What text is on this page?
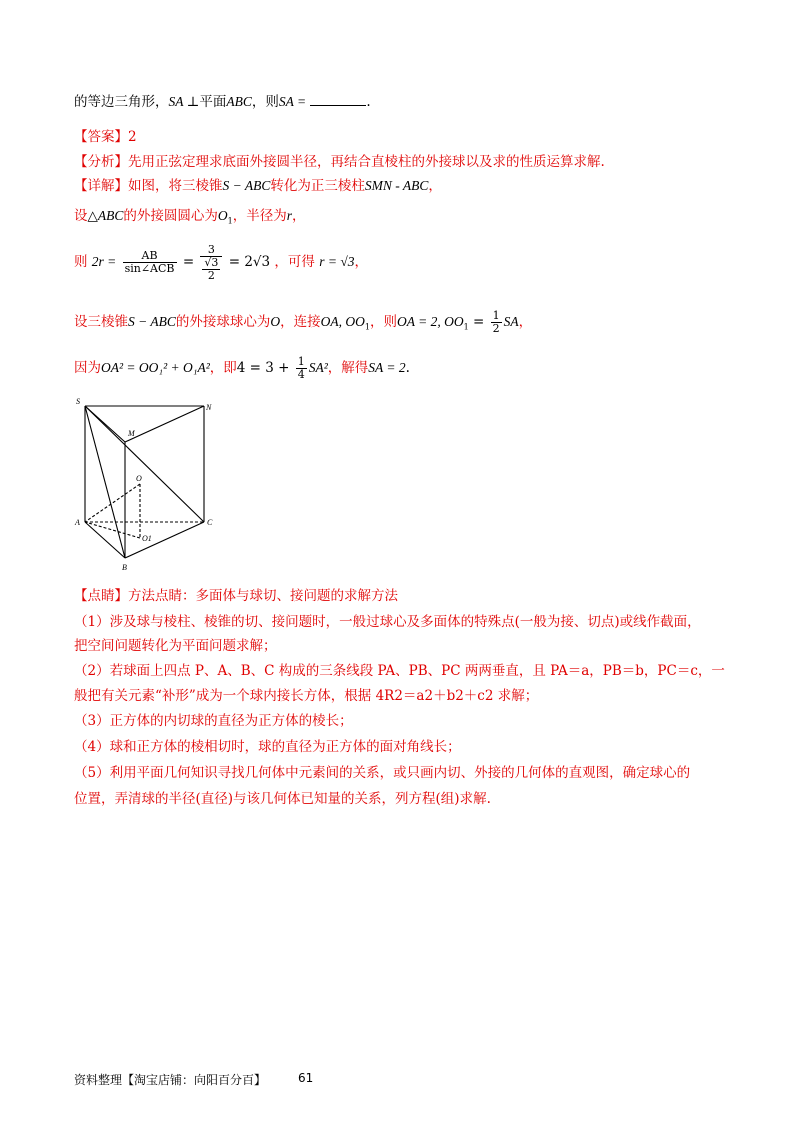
的等边三角形，SA ⊥平面ABC，则SA =	.
【答案】2
【分析】先用正弦定理求底面外接圆半径，再结合直棱柱的外接球以及求的性质运算求解.
【详解】如图，将三棱锥S − ABC转化为正三棱柱SMN - ABC，
设△ABC的外接圆圆心为$O_1$，半径为r，
则 $2r = \frac{AB}{\text{sin∠ACB}} = 3$
√3
2 = 2√3 ，可得 r = √3，
设三棱锥S − ABC的外接球球心为O，连接OA, $OO_1$，则OA = 2, $OO_1 = \frac{1}{2}$ SA，
因为OA² = OO₁² + O₁A²，即$4 = 3 + \frac{1}{4} SA^2$，解得SA = 2.
S
N
M
O
A	C
O1
B
【点睛】方法点睛：多面体与球切、接问题的求解方法
（1）涉及球与棱柱、棱锥的切、接问题时，一般过球心及多面体的特殊点(一般为接、切点)或线作截面，
把空间问题转化为平面问题求解；
（2）若球面上四点 P、A、B、C 构成的三条线段 PA、PB、PC 两两垂直，且 PA＝a，PB＝b，PC＝c，一
般把有关元素“补形”成为一个球内接长方体，根据 4R2＝a2＋b2＋c2 求解；
（3）正方体的内切球的直径为正方体的棱长；
（4）球和正方体的棱相切时，球的直径为正方体的面对角线长；
（5）利用平面几何知识寻找几何体中元素间的关系，或只画内切、外接的几何体的直观图，确定球心的
位置，弄清球的半径(直径)与该几何体已知量的关系，列方程(组)求解.
资料整理【淘宝店铺：向阳百分百】	61
